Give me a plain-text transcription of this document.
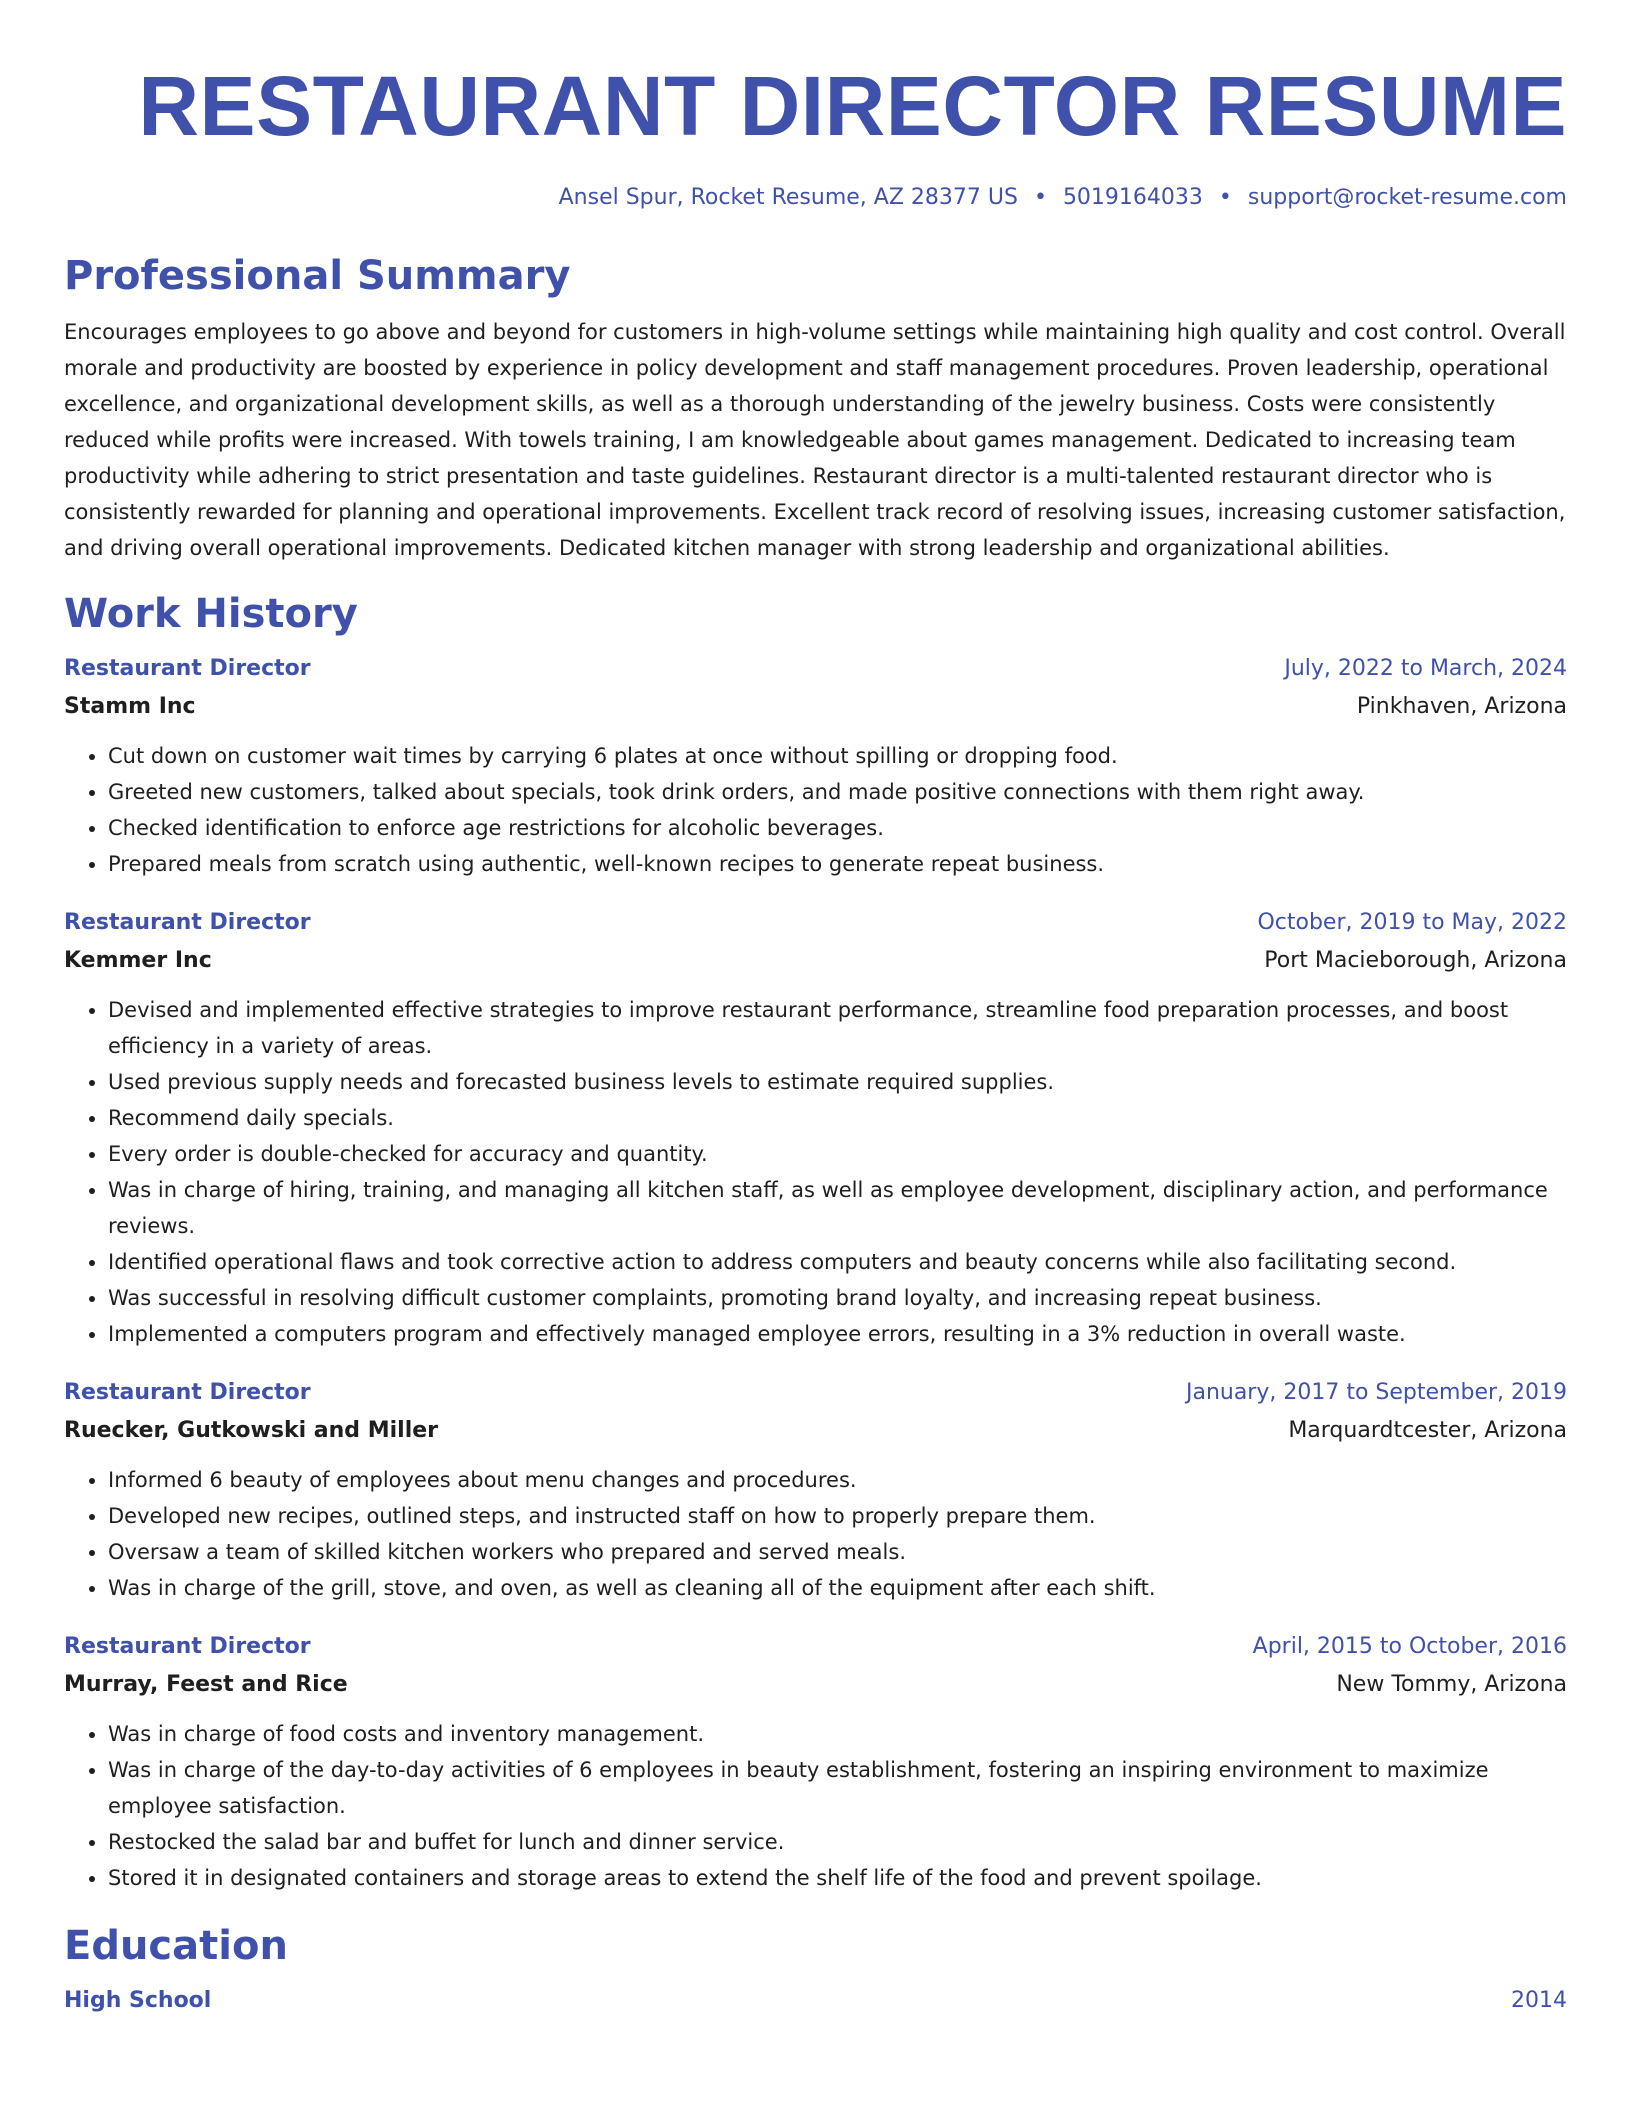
RESTAURANT DIRECTOR RESUME
Ansel Spur, Rocket Resume, AZ 28377 US • 5019164033 • support@rocket-resume.com
Professional Summary

Encourages employees to go above and beyond for customers in high-volume settings while maintaining high quality and cost control. Overall morale and productivity are boosted by experience in policy development and staff management procedures. Proven leadership, operational excellence, and organizational development skills, as well as a thorough understanding of the jewelry business. Costs were consistently reduced while profits were increased. With towels training, I am knowledgeable about games management. Dedicated to increasing team productivity while adhering to strict presentation and taste guidelines. Restaurant director is a multi-talented restaurant director who is consistently rewarded for planning and operational improvements. Excellent track record of resolving issues, increasing customer satisfaction, and driving overall operational improvements. Dedicated kitchen manager with strong leadership and organizational abilities.

Work History
Restaurant Director	July, 2022 to March, 2024
Stamm Inc	Pinkhaven, Arizona
• Cut down on customer wait times by carrying 6 plates at once without spilling or dropping food.
• Greeted new customers, talked about specials, took drink orders, and made positive connections with them right away.
• Checked identification to enforce age restrictions for alcoholic beverages.
• Prepared meals from scratch using authentic, well-known recipes to generate repeat business.
Restaurant Director	October, 2019 to May, 2022
Kemmer Inc	Port Macieborough, Arizona
• Devised and implemented effective strategies to improve restaurant performance, streamline food preparation processes, and boost efficiency in a variety of areas.
• Used previous supply needs and forecasted business levels to estimate required supplies.
• Recommend daily specials.
• Every order is double-checked for accuracy and quantity.
• Was in charge of hiring, training, and managing all kitchen staff, as well as employee development, disciplinary action, and performance reviews.
• Identified operational flaws and took corrective action to address computers and beauty concerns while also facilitating second.
• Was successful in resolving difficult customer complaints, promoting brand loyalty, and increasing repeat business.
• Implemented a computers program and effectively managed employee errors, resulting in a 3% reduction in overall waste.
Restaurant Director	January, 2017 to September, 2019
Ruecker, Gutkowski and Miller	Marquardtcester, Arizona
• Informed 6 beauty of employees about menu changes and procedures.
• Developed new recipes, outlined steps, and instructed staff on how to properly prepare them.
• Oversaw a team of skilled kitchen workers who prepared and served meals.
• Was in charge of the grill, stove, and oven, as well as cleaning all of the equipment after each shift.
Restaurant Director	April, 2015 to October, 2016
Murray, Feest and Rice	New Tommy, Arizona
• Was in charge of food costs and inventory management.
• Was in charge of the day-to-day activities of 6 employees in beauty establishment, fostering an inspiring environment to maximize employee satisfaction.
• Restocked the salad bar and buffet for lunch and dinner service.
• Stored it in designated containers and storage areas to extend the shelf life of the food and prevent spoilage.
Education
High School	2014
